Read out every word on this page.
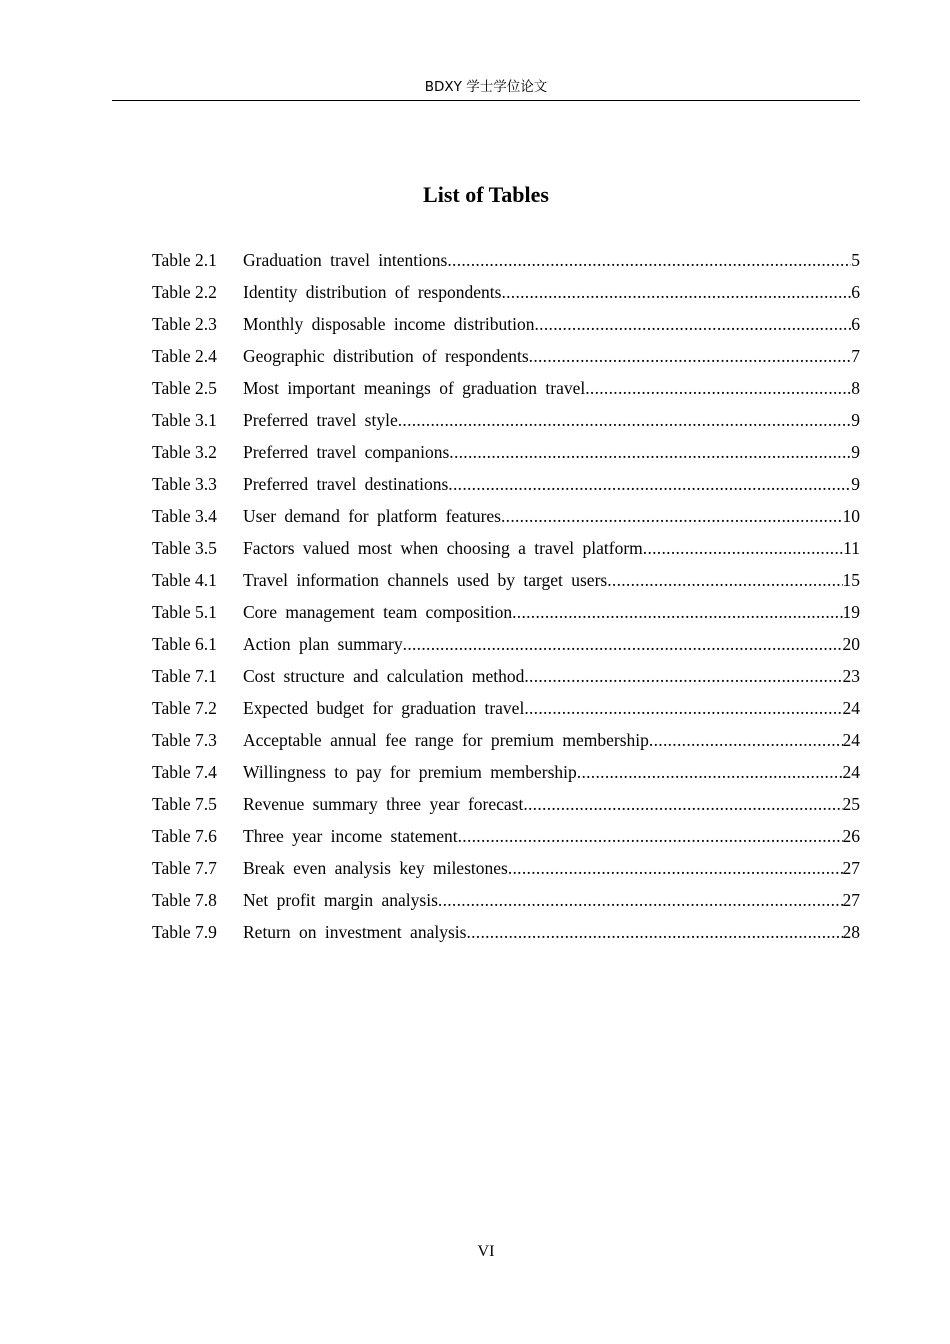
BDXY 学士学位论文
List of Tables
Table 2.1	Graduation travel intentions .....	5
Table 2.2	Identity distribution of respondents .....	6
Table 2.3	Monthly disposable income distribution .....	6
Table 2.4	Geographic distribution of respondents .....	7
Table 2.5	Most important meanings of graduation travel .....	8
Table 3.1	Preferred travel style .....	9
Table 3.2	Preferred travel companions .....	9
Table 3.3	Preferred travel destinations .....	9
Table 3.4	User demand for platform features .....	10
Table 3.5	Factors valued most when choosing a travel platform .....	11
Table 4.1	Travel information channels used by target users .....	15
Table 5.1	Core management team composition .....	19
Table 6.1	Action plan summary .....	20
Table 7.1	Cost structure and calculation method .....	23
Table 7.2	Expected budget for graduation travel .....	24
Table 7.3	Acceptable annual fee range for premium membership .....	24
Table 7.4	Willingness to pay for premium membership .....	24
Table 7.5	Revenue summary three year forecast .....	25
Table 7.6	Three year income statement .....	26
Table 7.7	Break even analysis key milestones .....	27
Table 7.8	Net profit margin analysis .....	27
Table 7.9	Return on investment analysis .....	28
VI
